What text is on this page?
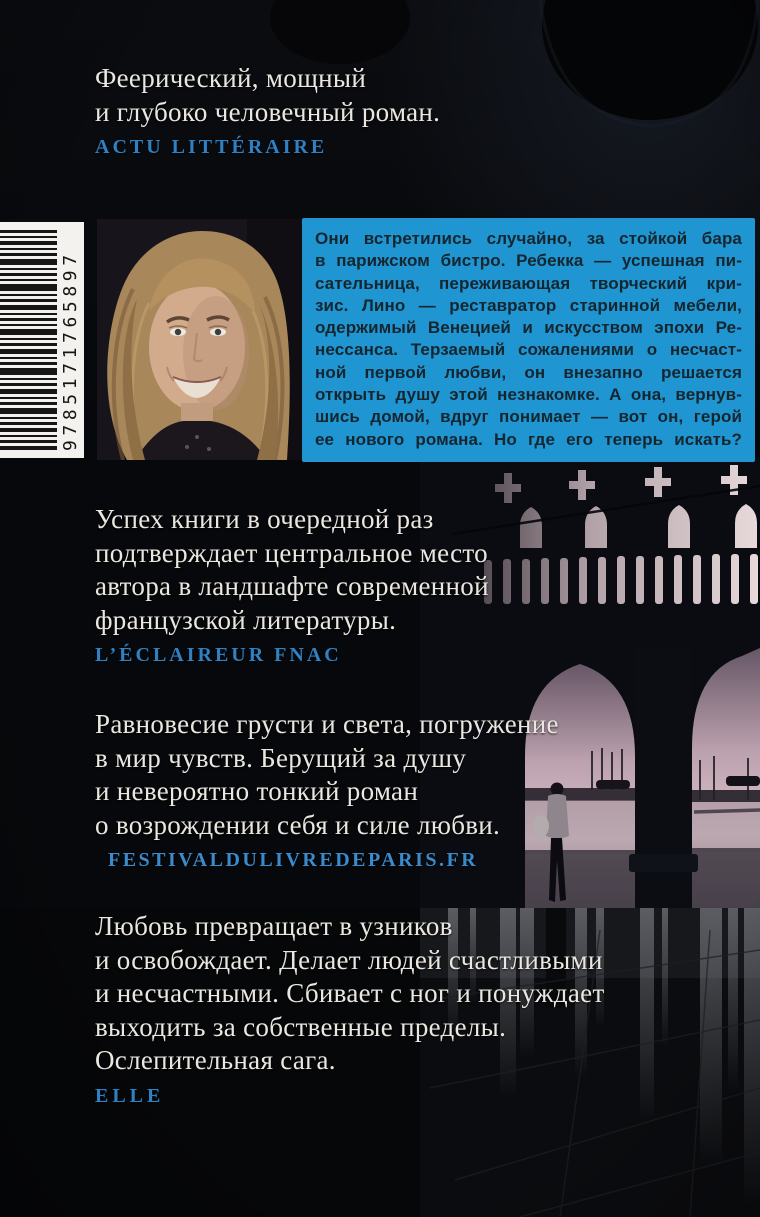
Феерический, мощный

и глубоко человечный роман.

ACTU LITTÉRAIRE

9785171765897

Они встретились случайно, за стойкой бара

в парижском бистро. Ребекка — успешная пи-

сательница, переживающая творческий кри-

зис. Лино — реставратор старинной мебели,

одержимый Венецией и искусством эпохи Ре-

нессанса. Терзаемый сожалениями о несчаст-

ной первой любви, он внезапно решается

открыть душу этой незнакомке. А она, вернув-

шись домой, вдруг понимает — вот он, герой

ее нового романа. Но где его теперь искать?

Успех книги в очередной раз

подтверждает центральное место

автора в ландшафте современной

французской литературы.

L’ÉCLAIREUR FNAC

Равновесие грусти и света, погружение

в мир чувств. Берущий за душу

и невероятно тонкий роман

о возрождении себя и силе любви.

FESTIVALDULIVREDEPARIS.FR

Любовь превращает в узников

и освобождает. Делает людей счастливыми

и несчастными. Сбивает с ног и понуждает

выходить за собственные пределы.

Ослепительная сага.

ELLE
